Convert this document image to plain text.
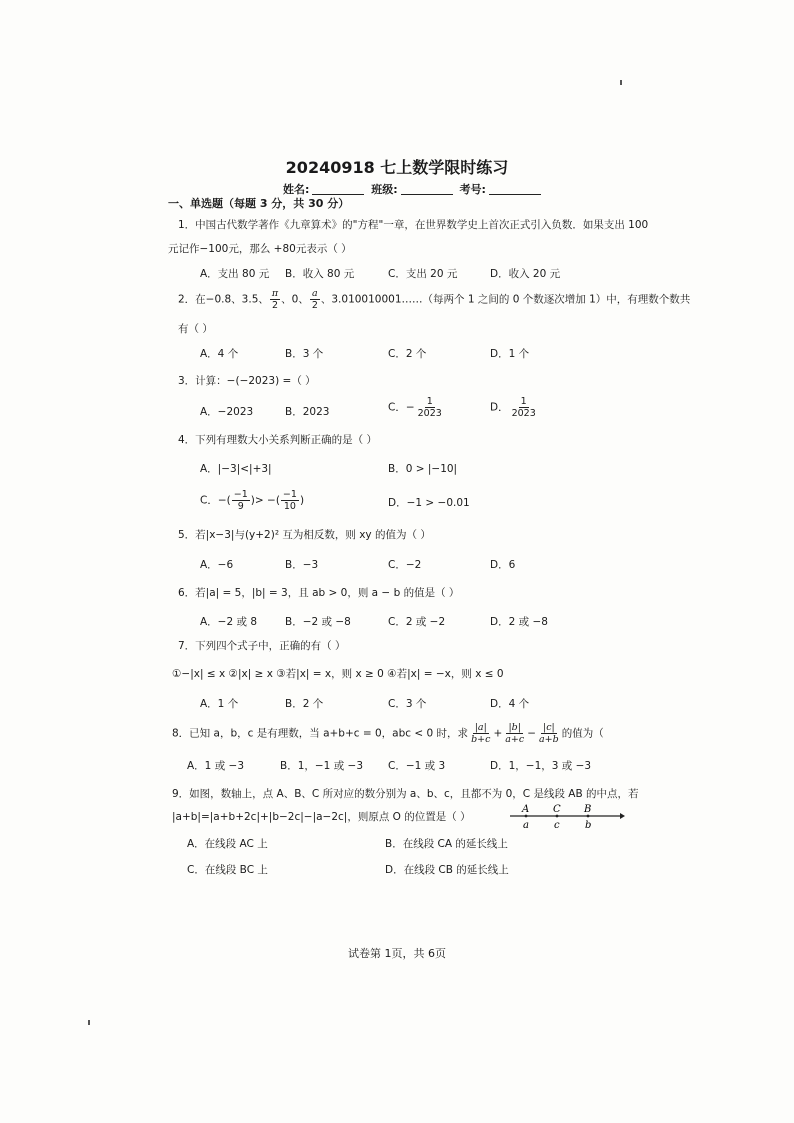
20240918 七上数学限时练习
姓名:	班级:	考号:
一、单选题（每题 3 分，共 30 分）
1．中国古代数学著作《九章算术》的"方程"一章，在世界数学史上首次正式引入负数．如果支出 100
元记作−100元，那么 +80元表示（ ）
A．支出 80 元 B．收入 80 元	C．支出 20 元	D．收入 20 元
2．在−0.8、3.5、 $\frac{\pi}{2}$ 、0、 $\frac{a}{2}$ 、3.010010001……（每两个 1 之间的 0 个数逐次增加 1）中，有理数个数共
有（ ）
A．4 个	B．3 个	C．2 个	D．1 个
3．计算：−(−2023) =（ ）
A．−2023	B．2023	C．− $\frac{1}{2023}$	D． $\frac{1}{2023}$
4．下列有理数大小关系判断正确的是（ ）
A．|−3|<|+3|	B．0 > |−10|
C．−( $\frac{-1}{9}$ )> −( $\frac{-1}{10}$ )	D．−1 > −0.01
5．若|x−3|与(y+2)² 互为相反数，则 xy 的值为（ ）
A．−6	B．−3	C．−2	D．6
6．若|a| = 5，|b| = 3，且 ab > 0，则 a − b 的值是（ ）
A．−2 或 8	B．−2 或 −8	C．2 或 −2	D．2 或 −8
7．下列四个式子中，正确的有（ ）
①−|x| ≤ x ②|x| ≥ x ③若|x| = x，则 x ≥ 0 ④若|x| = −x，则 x ≤ 0
A．1 个	B．2 个	C．3 个	D．4 个
8．已知 a，b，c 是有理数，当 a+b+c = 0，abc < 0 时，求 $\frac{|a|}{b+c} + \frac{|b|}{a+c} - \frac{|c|}{a+b}$ 的值为（
A．1 或 −3	B．1，−1 或 −3 C．−1 或 3	D．1，−1，3 或 −3
9．如图，数轴上，点 A、B、C 所对应的数分别为 a、b、c，且都不为 0，C 是线段 AB 的中点，若
|a+b|=|a+b+2c|+|b−2c|−|a−2c|，则原点 O 的位置是（ ）
A C B
a	c	b
A．在线段 AC 上	B．在线段 CA 的延长线上
C．在线段 BC 上	D．在线段 CB 的延长线上
试卷第 1页，共 6页
